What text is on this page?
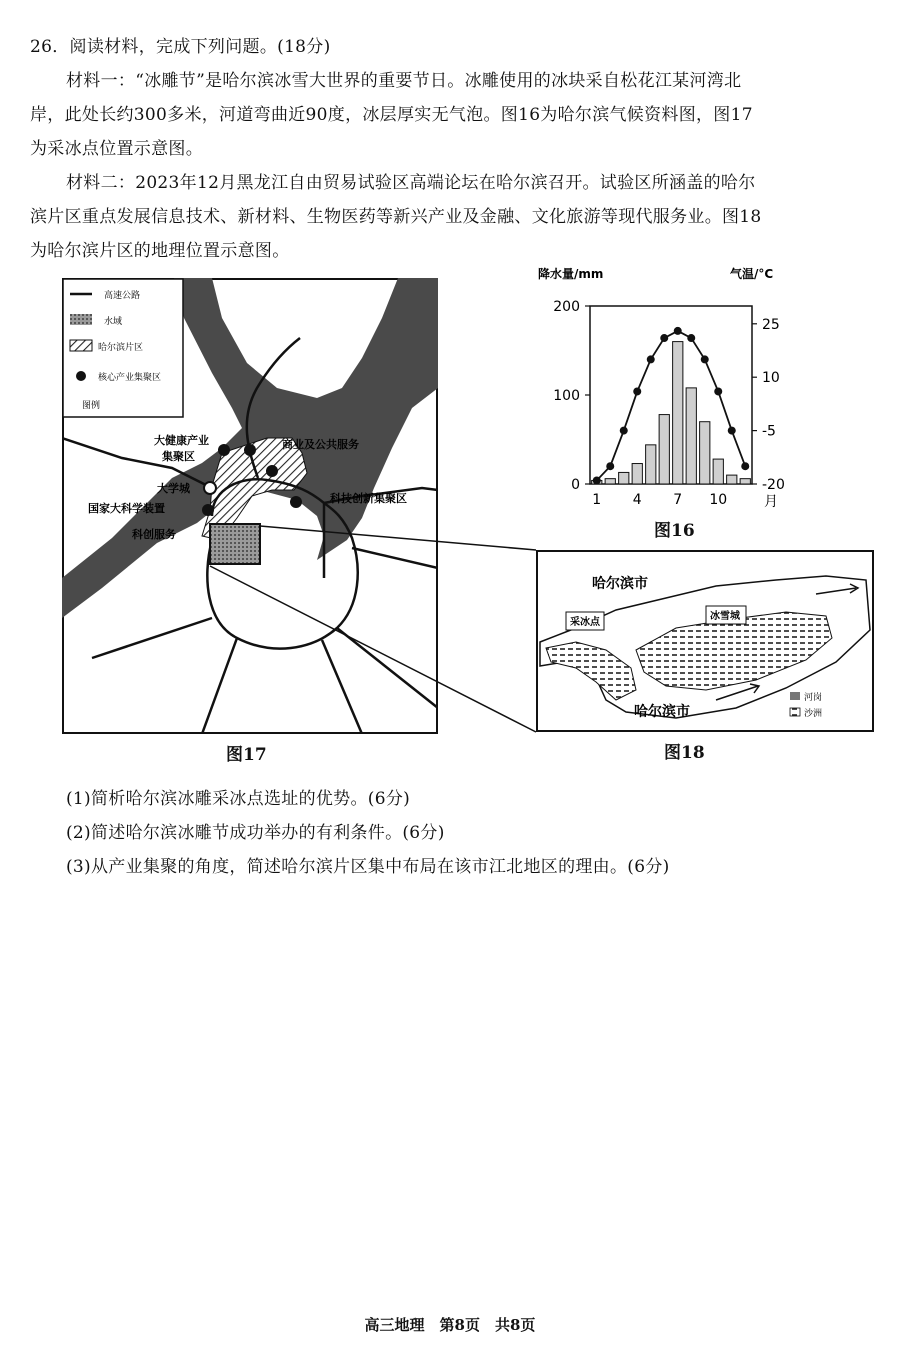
26．阅读材料，完成下列问题。(18分)
材料一：“冰雕节”是哈尔滨冰雪大世界的重要节日。冰雕使用的冰块采自松花江某河湾北
岸，此处长约300多米，河道弯曲近90度，冰层厚实无气泡。图16为哈尔滨气候资料图，图17
为采冰点位置示意图。
材料二：2023年12月黑龙江自由贸易试验区高端论坛在哈尔滨召开。试验区所涵盖的哈尔
滨片区重点发展信息技术、新材料、生物医药等新兴产业及金融、文化旅游等现代服务业。图18
为哈尔滨片区的地理位置示意图。
大健康产业
集聚区
商业及公共服务
大学城
国家大科学装置
科创服务
科技创新集聚区
高速公路
水域
哈尔滨片区
核心产业集聚区
图例
哈尔滨市
哈尔滨市
采冰点
冰雪城
河岗
沙洲
降水量/mm	气温/°C
0
100
200
25
10
-5
-20
1 4 7 10	月
图16
图17	图18
(1)简析哈尔滨冰雕采冰点选址的优势。(6分)
(2)简述哈尔滨冰雕节成功举办的有利条件。(6分)
(3)从产业集聚的角度，简述哈尔滨片区集中布局在该市江北地区的理由。(6分)
高三地理　第8页　共8页
